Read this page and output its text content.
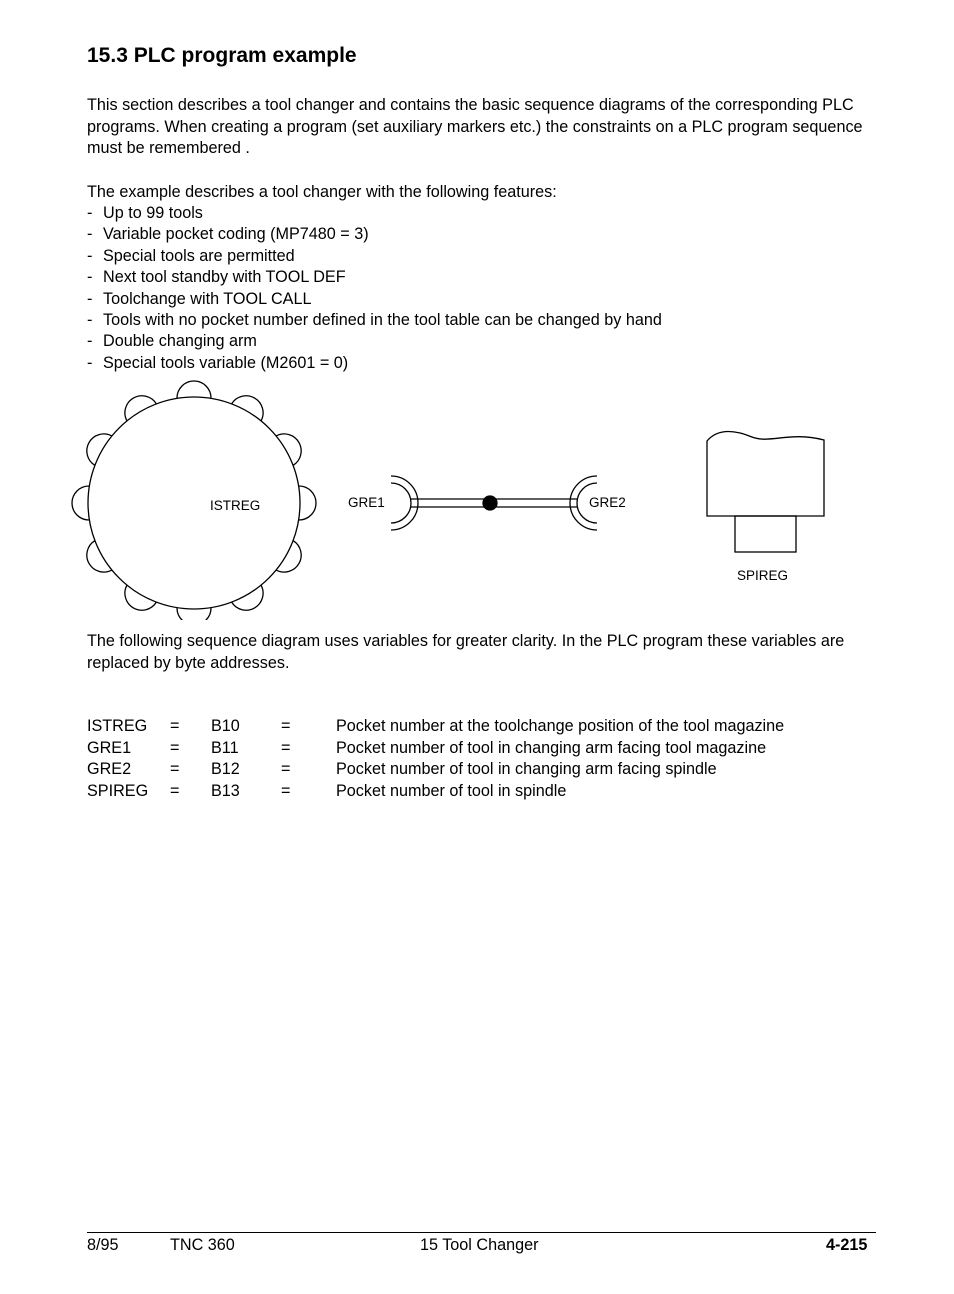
15.3 PLC program example

This section describes a tool changer and contains the basic sequence diagrams of the corresponding PLC programs. When creating a program (set auxiliary markers etc.) the constraints on a PLC program sequence must be remembered .

The example describes a tool changer with the following features:

- Up to 99 tools
- Variable pocket coding (MP7480 = 3)
- Special tools are permitted
- Next tool standby with TOOL DEF
- Toolchange with TOOL CALL
- Tools with no pocket number defined in the tool table can be changed by hand
- Double changing arm
- Special tools variable (M2601 = 0)
ISTREG	GRE1	GRE2
SPIREG

The following sequence diagram uses variables for greater clarity. In the PLC program these variables are replaced by byte addresses.

ISTREG	=	B10	=	Pocket number at the toolchange position of the tool magazine
GRE1	=	B11	=	Pocket number of tool in changing arm facing tool magazine
GRE2	=	B12	=	Pocket number of tool in changing arm facing spindle
SPIREG	=	B13	=	Pocket number of tool in spindle
8/95	TNC 360	15 Tool Changer	4-215
